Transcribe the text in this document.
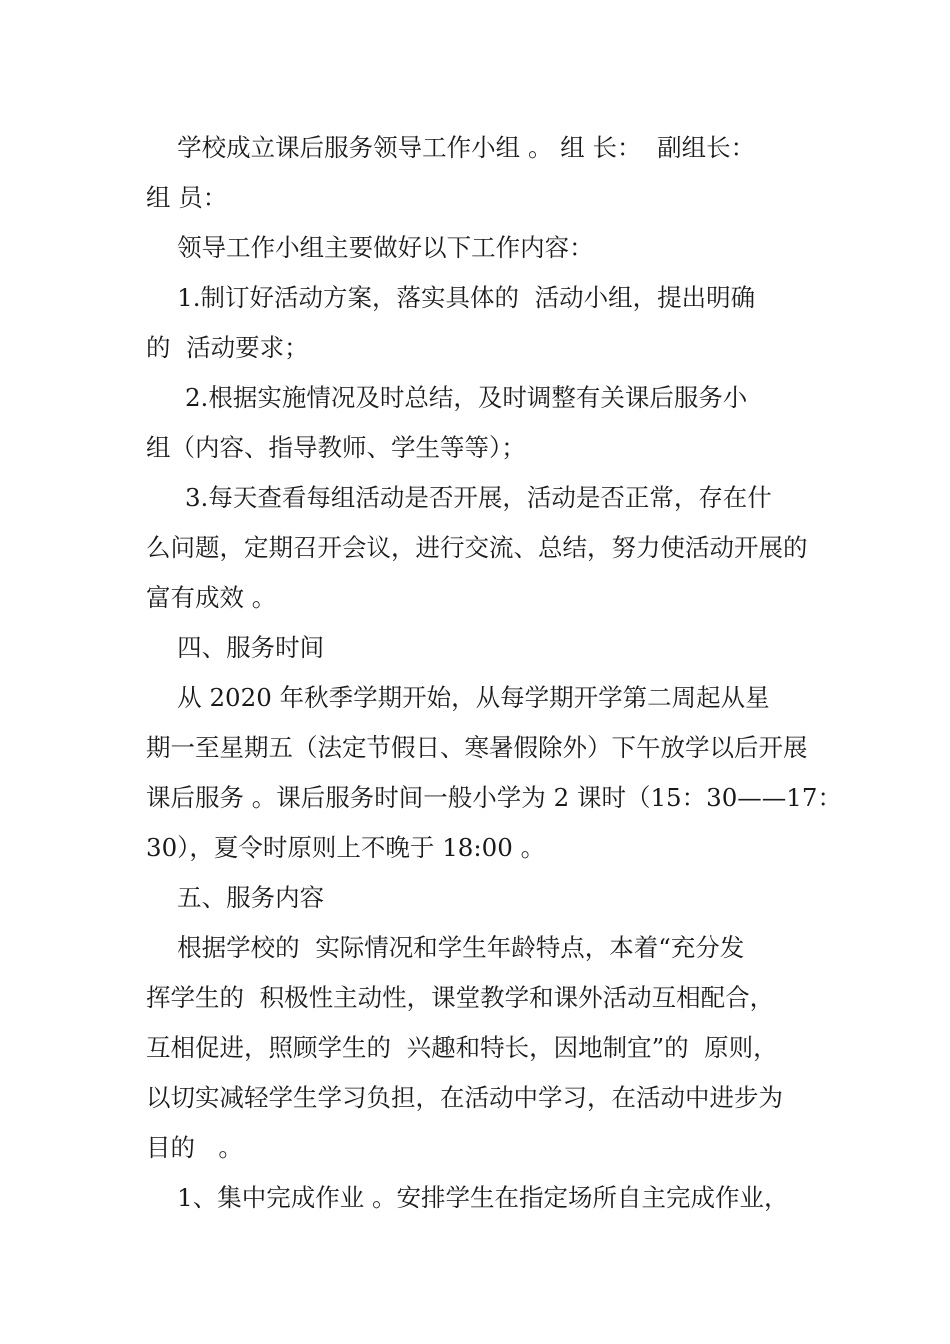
学校成立课后服务领导工作小组 。 组 长：  副组长：
组 员：
领导工作小组主要做好以下工作内容：
1.制订好活动方案，落实具体的  活动小组，提出明确
的  活动要求；
2.根据实施情况及时总结，及时调整有关课后服务小
组（内容、指导教师、学生等等）；
3.每天查看每组活动是否开展，活动是否正常，存在什
么问题，定期召开会议，进行交流、总结，努力使活动开展的
富有成效 。
四、服务时间
从 2020 年秋季学期开始，从每学期开学第二周起从星
期一至星期五（法定节假日、寒暑假除外）下午放学以后开展
课后服务 。课后服务时间一般小学为 2 课时（15：30——17：
30），夏令时原则上不晚于 18:00 。
五、服务内容
根据学校的  实际情况和学生年龄特点，本着“充分发
挥学生的  积极性主动性，课堂教学和课外活动互相配合，
互相促进，照顾学生的  兴趣和特长，因地制宜”的  原则，
以切实减轻学生学习负担，在活动中学习，在活动中进步为
目的   。
1、集中完成作业 。安排学生在指定场所自主完成作业，
